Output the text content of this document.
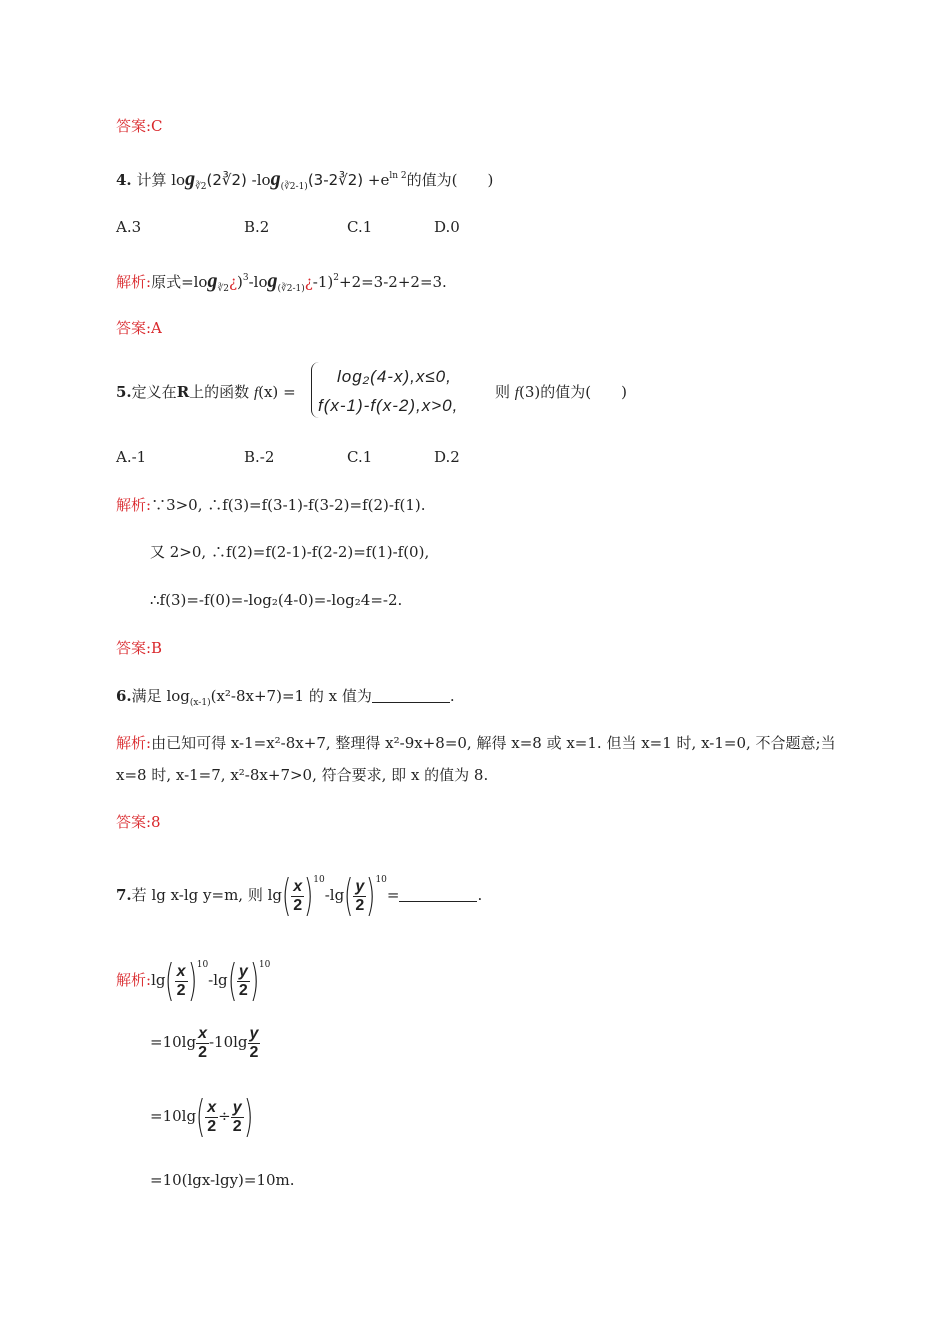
答案:C
4. 计算 $\log_{∛2}(2∛2)$ $-\log_{(∛2-1)}(3-2∛2) +e^{ln 2}$的值为(　　)
A.3	B.2	C.1	D.0
解析:原式$=\log_{∛2}¿)^3-\log_{(∛2-1)}¿-1)^2+2=3-2+2=3$.
答案:A
5.定义在R上的函数 f(x) =
log₂(4-x),x≤0,
f(x-1)-f(x-2),x>0,
则 f(3)的值为(　　)
A.-1	B.-2	C.1	D.2
解析:∵3>0, ∴f(3)=f(3-1)-f(3-2)=f(2)-f(1).
又 2>0, ∴f(2)=f(2-1)-f(2-2)=f(1)-f(0),
∴f(3)=-f(0)=-log₂(4-0)=-log₂4=-2.
答案:B
6.满足 $\log_{(x-1)}(x^2-8x+7)=1$ 的 x 值为	.
解析:由已知可得 x-1=x²-8x+7, 整理得 x²-9x+8=0, 解得 x=8 或 x=1. 但当 x=1 时, x-1=0, 不合题意;当
x=8 时, x-1=7, x²-8x+7>0, 符合要求, 即 x 的值为 8.
答案:8
7.若 lg x-lg y=m, 则 $\lg( \frac{x}{2} )^{10}-\lg( \frac{y}{2} )^{10}=$	.
解析:lg( $\frac{x}{2} )^{10}-\lg( \frac{y}{2} )^{10}$
$=10\lg \frac{x}{2} -10\lg \frac{y}{2}$
$=10\lg( \frac{x}{2} \div \frac{y}{2}$ )
=10(lgx-lgy)=10m.
